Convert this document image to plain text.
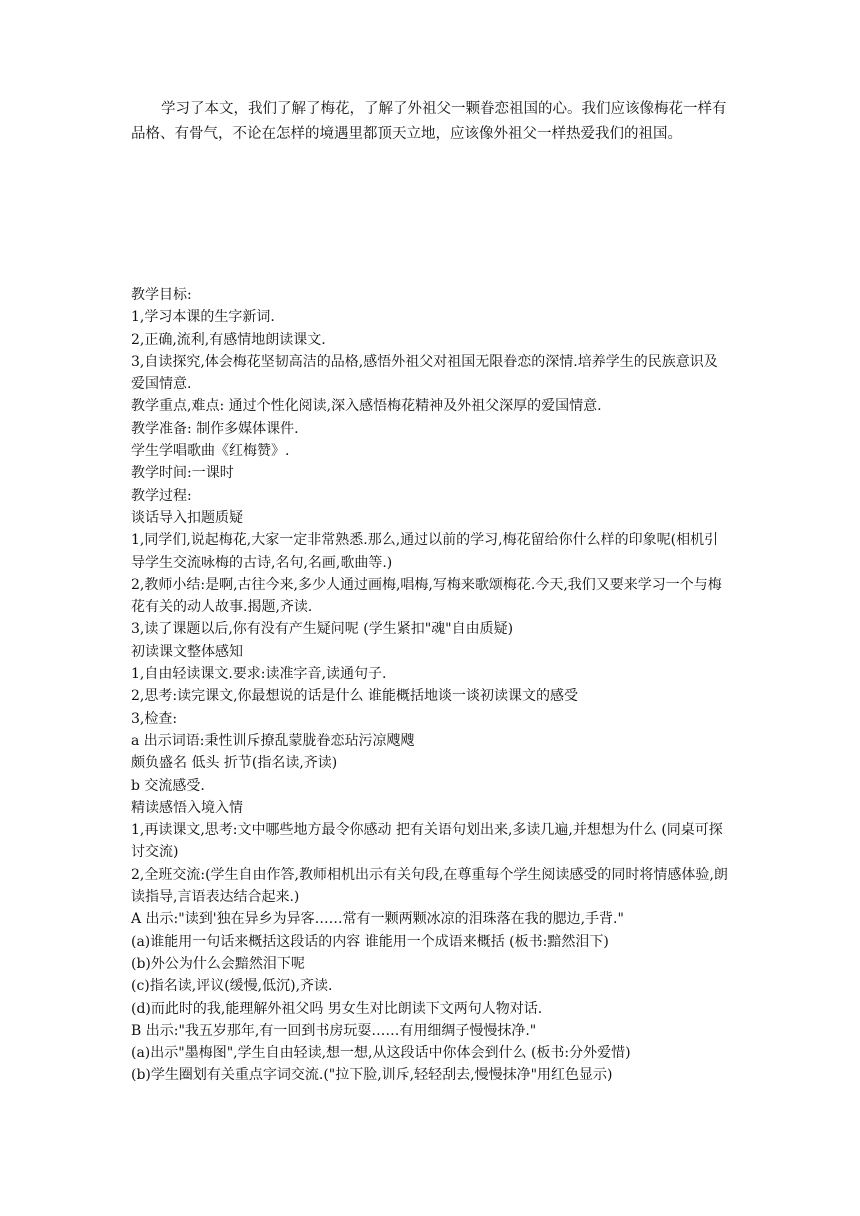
学习了本文，我们了解了梅花，了解了外祖父一颗眷恋祖国的心。我们应该像梅花一样有品格、有骨气，不论在怎样的境遇里都顶天立地，应该像外祖父一样热爱我们的祖国。

教学目标:

1,学习本课的生字新词.

2,正确,流利,有感情地朗读课文.

3,自读探究,体会梅花坚韧高洁的品格,感悟外祖父对祖国无限眷恋的深情.培养学生的民族意识及爱国情意.

教学重点,难点: 通过个性化阅读,深入感悟梅花精神及外祖父深厚的爱国情意.

教学准备: 制作多媒体课件.

学生学唱歌曲《红梅赞》.

教学时间:一课时

教学过程:

谈话导入扣题质疑

1,同学们,说起梅花,大家一定非常熟悉.那么,通过以前的学习,梅花留给你什么样的印象呢(相机引导学生交流咏梅的古诗,名句,名画,歌曲等.)

2,教师小结:是啊,古往今来,多少人通过画梅,唱梅,写梅来歌颂梅花.今天,我们又要来学习一个与梅花有关的动人故事.揭题,齐读.

3,读了课题以后,你有没有产生疑问呢 (学生紧扣"魂"自由质疑)

初读课文整体感知

1,自由轻读课文.要求:读准字音,读通句子.

2,思考:读完课文,你最想说的话是什么 谁能概括地谈一谈初读课文的感受

3,检查:

a 出示词语:秉性训斥撩乱蒙胧眷恋玷污凉飕飕

颇负盛名 低头 折节(指名读,齐读)

b 交流感受.

精读感悟入境入情

1,再读课文,思考:文中哪些地方最令你感动 把有关语句划出来,多读几遍,并想想为什么 (同桌可探讨交流)

2,全班交流:(学生自由作答,教师相机出示有关句段,在尊重每个学生阅读感受的同时将情感体验,朗读指导,言语表达结合起来.)

A 出示:"读到'独在异乡为异客……常有一颗两颗冰凉的泪珠落在我的腮边,手背."

(a)谁能用一句话来概括这段话的内容 谁能用一个成语来概括 (板书:黯然泪下)

(b)外公为什么会黯然泪下呢

(c)指名读,评议(缓慢,低沉),齐读.

(d)而此时的我,能理解外祖父吗 男女生对比朗读下文两句人物对话.

B 出示:"我五岁那年,有一回到书房玩耍……有用细绸子慢慢抹净."

(a)出示"墨梅图",学生自由轻读,想一想,从这段话中你体会到什么 (板书:分外爱惜)

(b)学生圈划有关重点字词交流.("拉下脸,训斥,轻轻刮去,慢慢抹净"用红色显示)
